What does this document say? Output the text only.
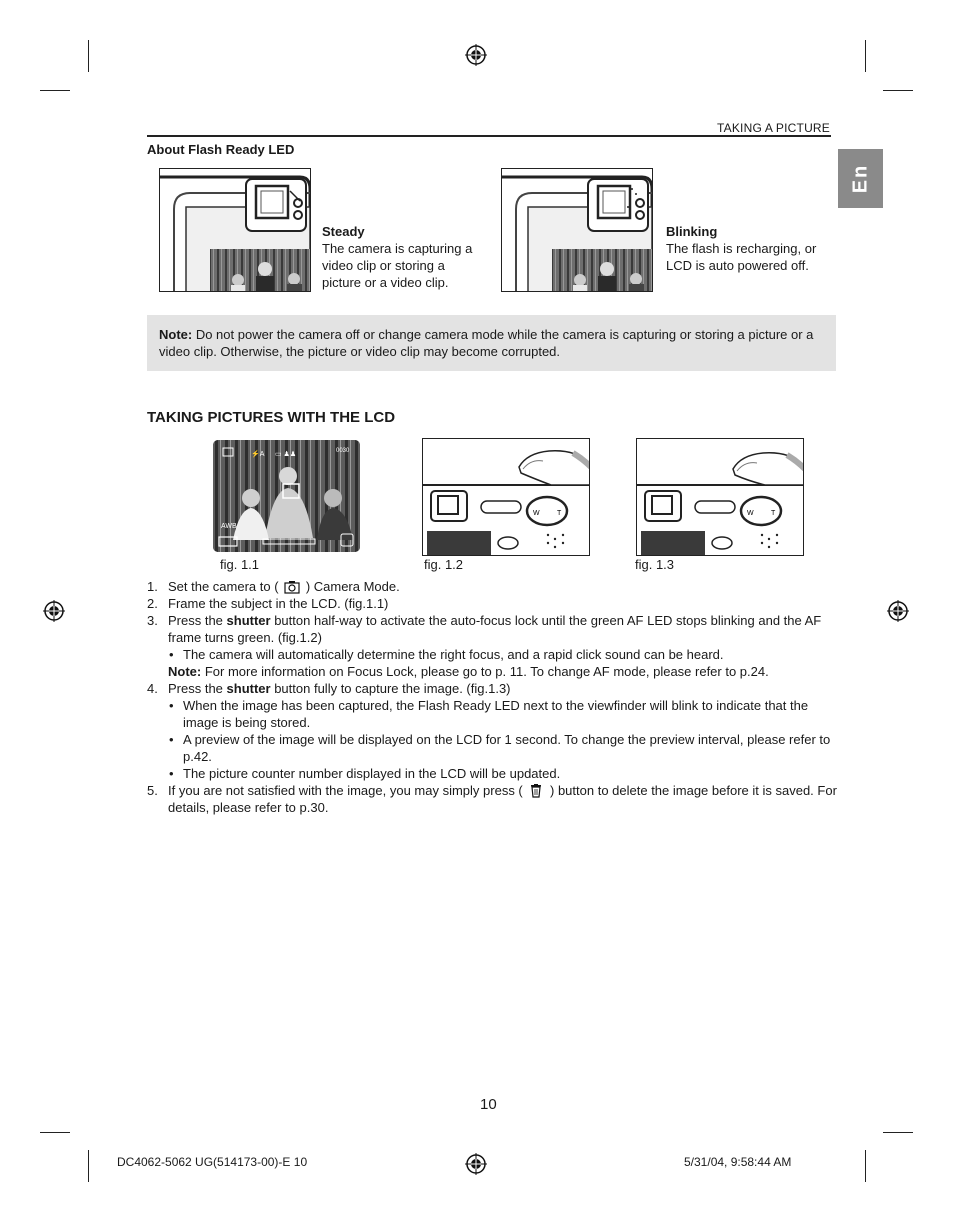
TAKING A PICTURE
En
About Flash Ready LED
Steady
The camera is capturing a video clip or storing a picture or a video clip.
Blinking
The flash is recharging, or LCD is auto powered off.
Note: Do not power the camera off or change camera mode while the camera is capturing or storing a picture or a video clip. Otherwise, the picture or video clip may become corrupted.
TAKING PICTURES WITH THE LCD
⚡A ▭ ♟♟	0030
AWB
W T	W T
fig. 1.1	fig. 1.2	fig. 1.3
1. Set the camera to ( ) Camera Mode.
2. Frame the subject in the LCD. (fig.1.1)
3. Press the shutter button half-way to activate the auto-focus lock until the green AF LED stops blinking and the AF frame turns green. (fig.1.2)
• The camera will automatically determine the right focus, and a rapid click sound can be heard.
Note: For more information on Focus Lock, please go to p. 11. To change AF mode, please refer to p.24.
4. Press the shutter button fully to capture the image. (fig.1.3)
• When the image has been captured, the Flash Ready LED next to the viewfinder will blink to indicate that the image is being stored.
• A preview of the image will be displayed on the LCD for 1 second. To change the preview interval, please refer to p.42.
• The picture counter number displayed in the LCD will be updated.
5. If you are not satisfied with the image, you may simply press ( ) button to delete the image before it is saved. For details, please refer to p.30.
10
DC4062-5062 UG(514173-00)-E 10	5/31/04, 9:58:44 AM
